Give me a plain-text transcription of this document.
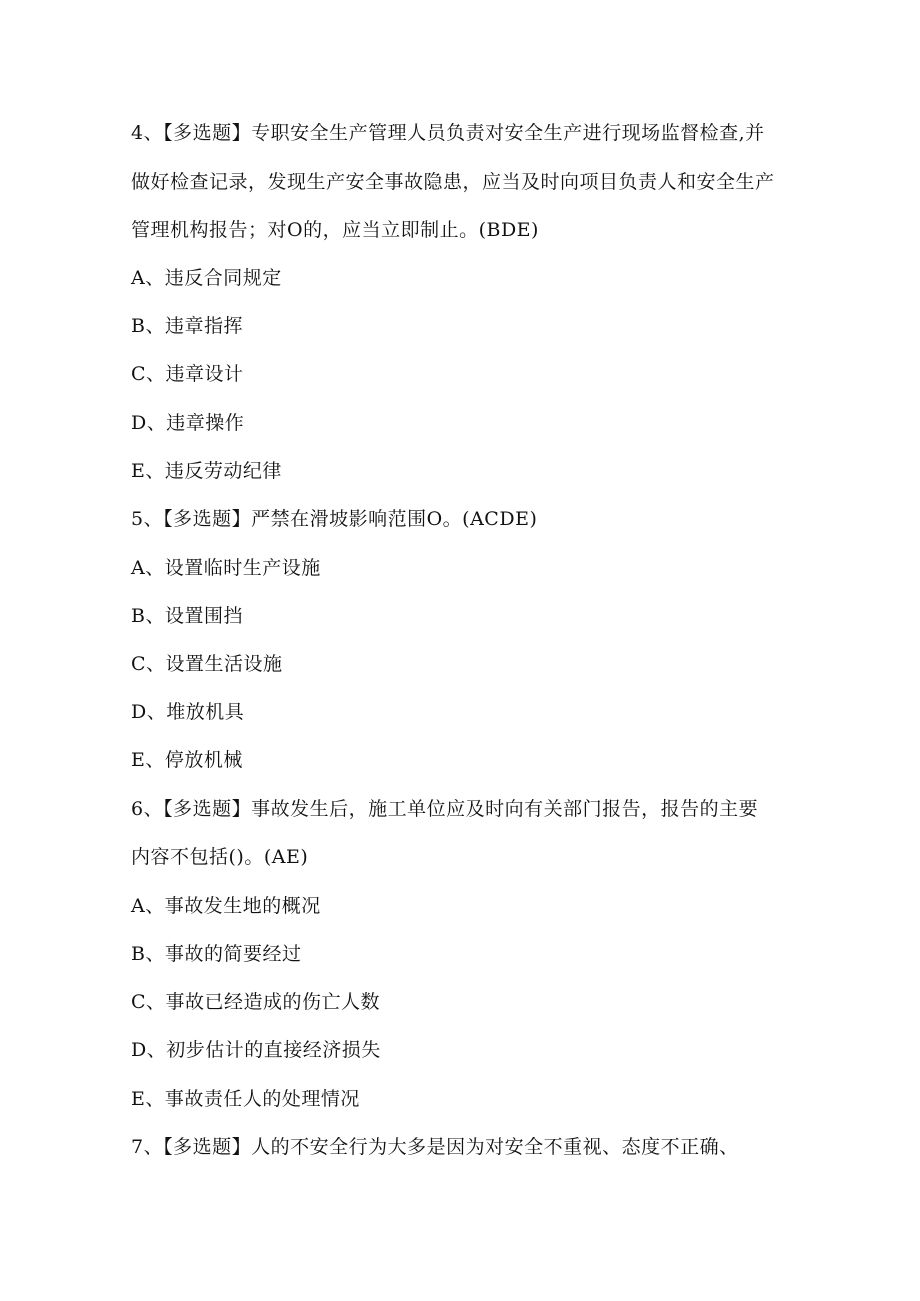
4、【多选题】专职安全生产管理人员负责对安全生产进行现场监督检查,并
做好检查记录，发现生产安全事故隐患，应当及时向项目负责人和安全生产
管理机构报告；对O的，应当立即制止。(BDE)
A、违反合同规定
B、违章指挥
C、违章设计
D、违章操作
E、违反劳动纪律
5、【多选题】严禁在滑坡影响范围O。(ACDE)
A、设置临时生产设施
B、设置围挡
C、设置生活设施
D、堆放机具
E、停放机械
6、【多选题】事故发生后，施工单位应及时向有关部门报告，报告的主要
内容不包括()。(AE)
A、事故发生地的概况
B、事故的简要经过
C、事故已经造成的伤亡人数
D、初步估计的直接经济损失
E、事故责任人的处理情况
7、【多选题】人的不安全行为大多是因为对安全不重视、态度不正确、
